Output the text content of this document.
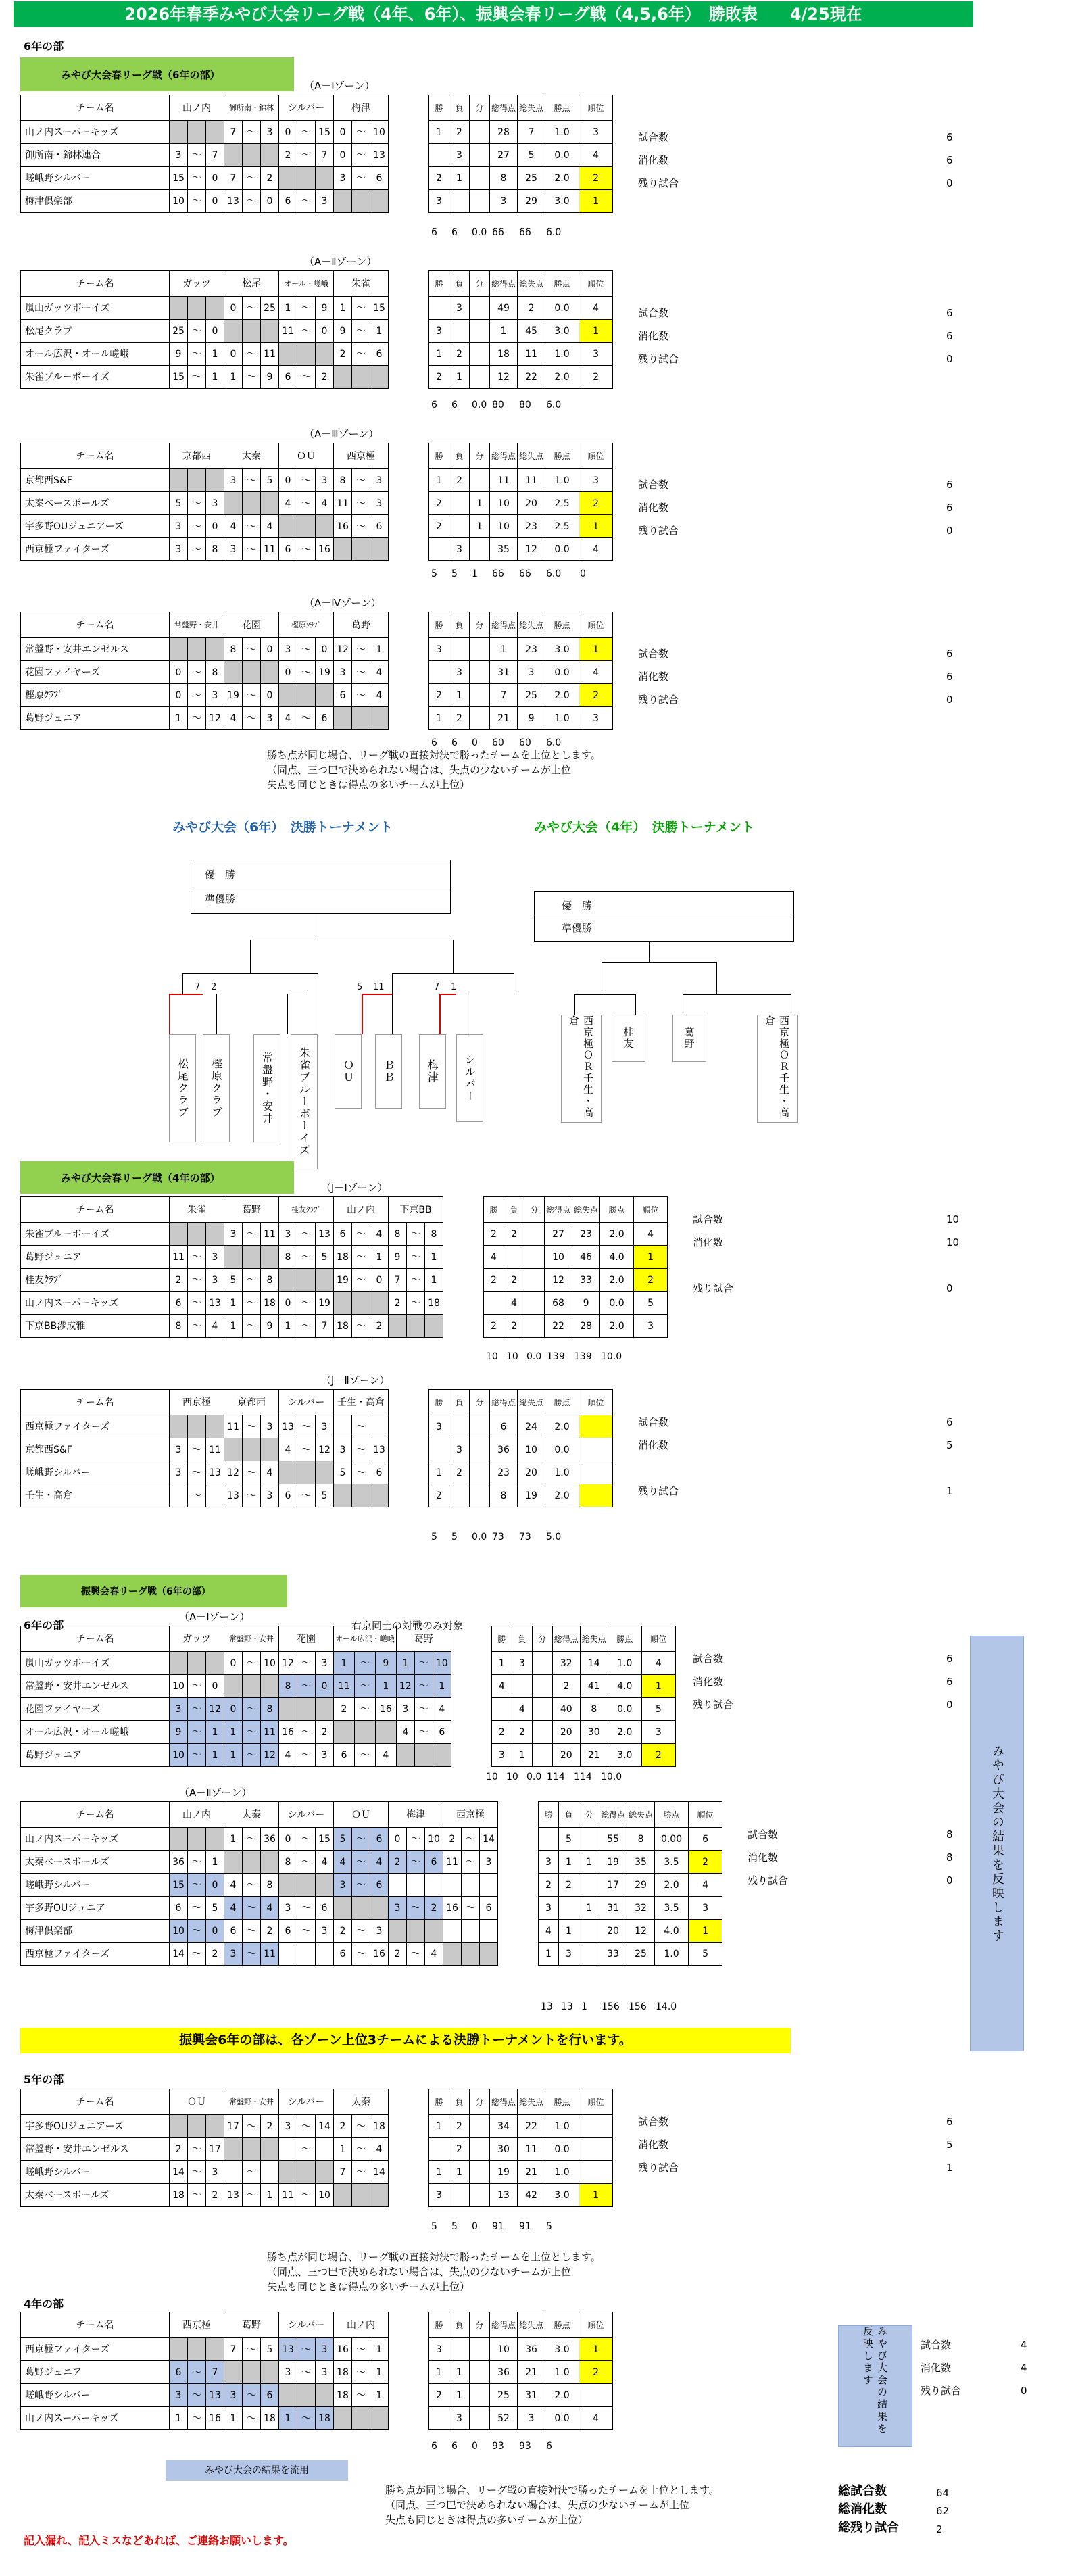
2026年春季みやび大会リーグ戦（4年、6年）、振興会春リーグ戦（4,5,6年）　勝敗表　　4/25現在
6年の部
みやび大会春リーグ戦（6年の部）
（A－Ⅰゾーン）
チーム名	山ノ内			御所南・錦林			シルバー			梅津				勝	負	分	総得点	総失点	勝点	順位
山ノ内スーパーキッズ				7	～	3	0	～	15	0	～	10		1	2		28	7	1.0	3
御所南・錦林連合	3	～	7				2	～	7	0	～	13			3		27	5	0.0	4
嵯峨野シルバー	15	～	0	7	～	2				3	～	6		2	1		8	25	2.0	2
梅津倶楽部	10	～	0	13	～	0	6	～	3					3			3	29	3.0	1
6 6 0.0 66 66 6.0
試合数	6
消化数	6
残り試合	0
（A－Ⅱゾーン）
チーム名	ガッツ			松尾			オール・嵯峨			朱雀				勝	負	分	総得点	総失点	勝点	順位
嵐山ガッツボーイズ				0	～	25	1	～	9	1	～	15			3		49	2	0.0	4
松尾クラブ	25	～	0				11	～	0	9	～	1		3			1	45	3.0	1
オール広沢・オール嵯峨	9	～	1	0	～	11				2	～	6		1	2		18	11	1.0	3
朱雀ブルーボーイズ	15	～	1	1	～	9	6	～	2					2	1		12	22	2.0	2
6 6 0.0 80 80 6.0
試合数	6
消化数	6
残り試合	0
（A－Ⅲゾーン）
チーム名	京都西			太秦			ＯＵ			西京極				勝	負	分	総得点	総失点	勝点	順位
京都西S&F				3	～	5	0	～	3	8	～	3		1	2		11	11	1.0	3
太秦ベースボールズ	5	～	3				4	～	4	11	～	3		2		1	10	20	2.5	2
宇多野OUジュニアーズ	3	～	0	4	～	4				16	～	6		2		1	10	23	2.5	1
西京極ファイターズ	3	～	8	3	～	11	6	～	16						3		35	12	0.0	4
5 5 1 66 66 6.0 0
試合数	6
消化数	6
残り試合	0
（A－Ⅳゾーン）
チーム名	常盤野・安井			花園			樫原ｸﾗﾌﾞ			葛野				勝	負	分	総得点	総失点	勝点	順位
常盤野・安井エンゼルス				8	～	0	3	～	0	12	～	1		3			1	23	3.0	1
花園ファイヤーズ	0	～	8				0	～	19	3	～	4			3		31	3	0.0	4
樫原ｸﾗﾌﾞ	0	～	3	19	～	0				6	～	4		2	1		7	25	2.0	2
葛野ジュニア	1	～	12	4	～	3	4	～	6					1	2		21	9	1.0	3
6 6 0 60 60 6.0
試合数	6
消化数	6
残り試合	0
（J－Ⅰゾーン）
チーム名	朱雀			葛野			桂友ｸﾗﾌﾞ			山ノ内			下京BB				勝	負	分	総得点	総失点	勝点	順位
朱雀ブルーボーイズ				3	～	11	3	～	13	6	～	4	8	～	8		2	2		27	23	2.0	4
葛野ジュニア	11	～	3				8	～	5	18	～	1	9	～	1		4			10	46	4.0	1
桂友ｸﾗﾌﾞ	2	～	3	5	～	8				19	～	0	7	～	1		2	2		12	33	2.0	2
山ノ内スーパーキッズ	6	～	13	1	～	18	0	～	19				2	～	18			4		68	9	0.0	5
下京BB涉成雅	8	～	4	1	～	9	1	～	7	18	～	2					2	2		22	28	2.0	3
10 10 0.0 139 139 10.0
試合数	10
消化数	10
残り試合	0
（J－Ⅱゾーン）
チーム名	西京極			京都西			シルバー			壬生・高倉				勝	負	分	総得点	総失点	勝点	順位
西京極ファイターズ				11	～	3	13	～	3		～			3			6	24	2.0	
京都西S&F	3	～	11				4	～	12	3	～	13			3		36	10	0.0	
嵯峨野シルバー	3	～	13	12	～	4				5	～	6		1	2		23	20	1.0	
壬生・高倉		～		13	～	3	6	～	5					2			8	19	2.0	
5 5 0.0 73 73 5.0
試合数	6
消化数	5
残り試合	1
（A－Ⅰゾーン）
チーム名	ガッツ			常盤野・安井			花園			オール広沢・嵯峨			葛野				勝	負	分	総得点	総失点	勝点	順位
嵐山ガッツボーイズ				0	～	10	12	～	3	1	～	9	1	～	10		1	3		32	14	1.0	4
常盤野・安井エンゼルス	10	～	0				8	～	0	11	～	1	12	～	1		4			2	41	4.0	1
花園ファイヤーズ	3	～	12	0	～	8				2	～	16	3	～	4			4		40	8	0.0	5
オール広沢・オール嵯峨	9	～	1	1	～	11	16	～	2				4	～	6		2	2		20	30	2.0	3
葛野ジュニア	10	～	1	1	～	12	4	～	3	6	～	4					3	1		20	21	3.0	2
10 10 0.0 114 114 10.0
試合数	6
消化数	6
残り試合	0
（A－Ⅱゾーン）
チーム名	山ノ内			太秦			シルバー			ＯＵ			梅津			西京極				勝	負	分	総得点	総失点	勝点	順位
山ノ内スーパーキッズ				1	～	36	0	～	15	5	～	6	0	～	10	2	～	14			5		55	8	0.00	6
太秦ベースボールズ	36	～	1				8	～	4	4	～	4	2	～	6	11	～	3		3	1	1	19	35	3.5	2
嵯峨野シルバー	15	～	0	4	～	8				3	～	6								2	2		17	29	2.0	4
宇多野OUジュニア	6	～	5	4	～	4	3	～	6				3	～	2	16	～	6		3		1	31	32	3.5	3
梅津倶楽部	10	～	0	6	～	2	6	～	3	2	～	3								4	1		20	12	4.0	1
西京極ファイターズ	14	～	2	3	～	11				6	～	16	2	～	4					1	3		33	25	1.0	5
13 13 1 156 156 14.0
試合数	8
消化数	8
残り試合	0
チーム名	ＯＵ			常盤野・安井			シルバー			太秦				勝	負	分	総得点	総失点	勝点	順位
宇多野OUジュニアーズ				17	～	2	3	～	14	2	～	18		1	2		34	22	1.0	
常盤野・安井エンゼルス	2	～	17					～		1	～	4			2		30	11	0.0	
嵯峨野シルバー	14	～	3		～					7	～	14		1	1		19	21	1.0	
太秦ベースボールズ	18	～	2	13	～	1	11	～	10					3			13	42	3.0	1
5 5 0 91 91 5
試合数	6
消化数	5
残り試合	1
チーム名	西京極			葛野			シルバー			山ノ内				勝	負	分	総得点	総失点	勝点	順位
西京極ファイターズ				7	～	5	13	～	3	16	～	1		3			10	36	3.0	1
葛野ジュニア	6	～	7				3	～	3	18	～	1		1	1		36	21	1.0	2
嵯峨野シルバー	3	～	13	3	～	6				18	～	1		2	1		25	31	2.0	
山ノ内スーパーキッズ	1	～	16	1	～	18	1	～	18						3		52	3	0.0	4
6 6 0 93 93 6
試合数	4
消化数	4
残り試合	0
勝ち点が同じ場合、リーグ戦の直接対決で勝ったチームを上位とします。
（同点、三つ巴で決められない場合は、失点の少ないチームが上位
失点も同じときは得点の多いチームが上位）
みやび大会（6年）　決勝トーナメント	みやび大会（4年）　決勝トーナメント
優　勝
準優勝
7 2	5 11	7 1
松尾クラブ	樫原クラブ	常盤野・安井	朱雀ブルーボーイズ	ＯＵ	ＢＢ	梅津	シルバー
優　勝
準優勝
西京極ＯＲ壬生・高倉
桂友	葛野	西京極ＯＲ壬生・高倉
みやび大会春リーグ戦（4年の部）
振興会春リーグ戦（6年の部）
6年の部	右京同士の対戦のみ対象
みやび大会の結果を反映します
振興会6年の部は、各ゾーン上位3チームによる決勝トーナメントを行います。
5年の部
勝ち点が同じ場合、リーグ戦の直接対決で勝ったチームを上位とします。
（同点、三つ巴で決められない場合は、失点の少ないチームが上位
失点も同じときは得点の多いチームが上位）
4年の部
みやび大会の結果を反映します
みやび大会の結果を流用
勝ち点が同じ場合、リーグ戦の直接対決で勝ったチームを上位とします。
（同点、三つ巴で決められない場合は、失点の少ないチームが上位
失点も同じときは得点の多いチームが上位）
総試合数	64
総消化数	62
総残り試合	2
記入漏れ、記入ミスなどあれば、ご連絡お願いします。
